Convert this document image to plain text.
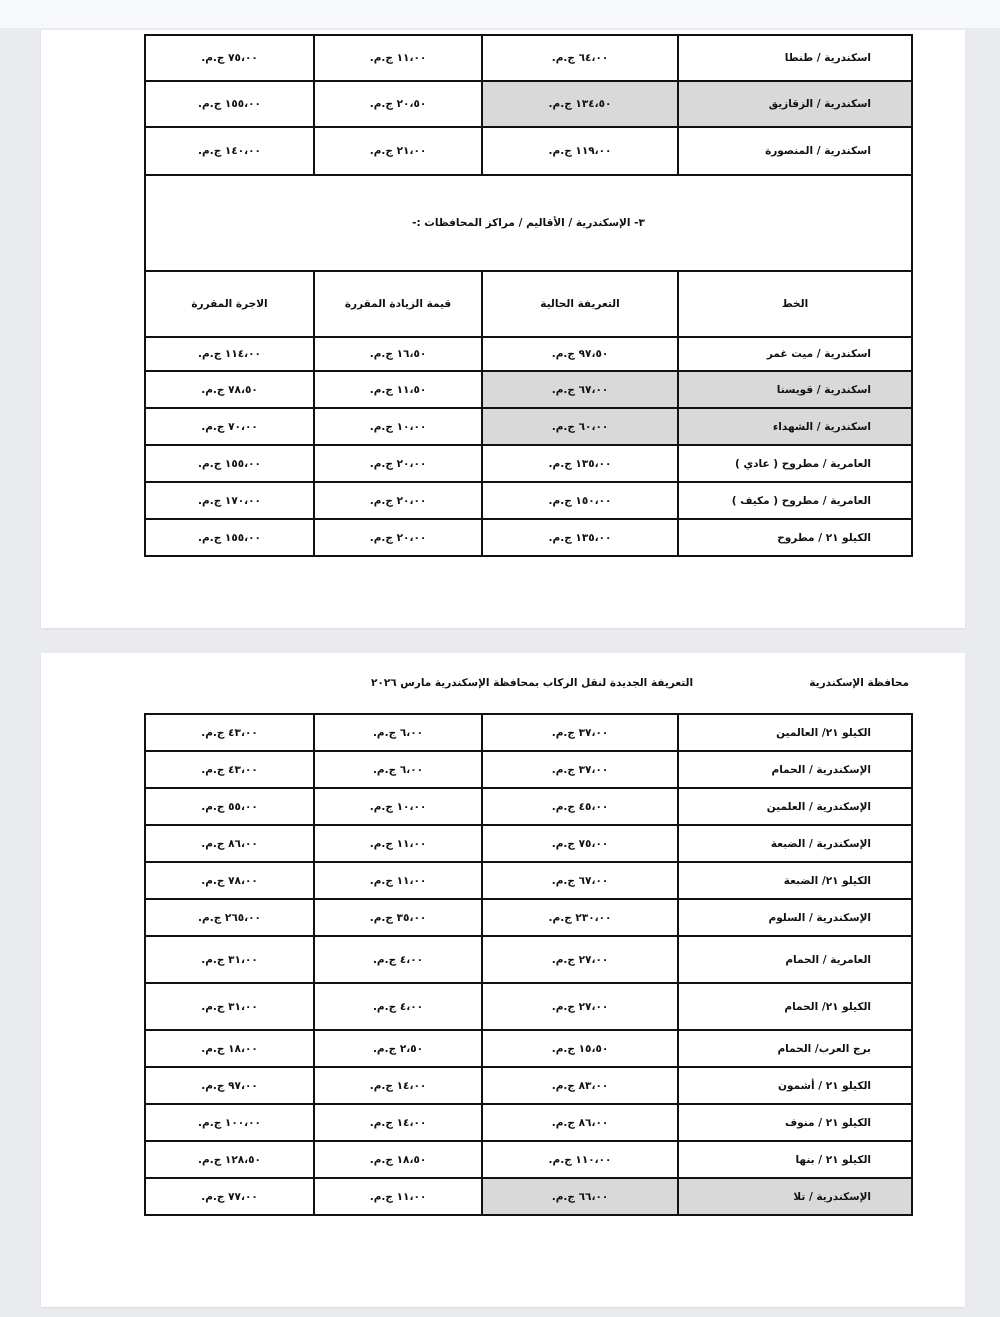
اسكندرية / طنطا	٦٤،٠٠ ج.م.	١١،٠٠ ج.م.	٧٥،٠٠ ج.م.
اسكندرية / الزقازيق	١٣٤،٥٠ ج.م.	٢٠،٥٠ ج.م.	١٥٥،٠٠ ج.م.
اسكندرية / المنصورة	١١٩،٠٠ ج.م.	٢١،٠٠ ج.م.	١٤٠،٠٠ ج.م.
٣- الإسكندرية / الأقاليم / مراكز المحافظات :-			
الخط	التعريفة الحالية	قيمة الزيادة المقررة	الاجرة المقررة
اسكندرية / ميت غمر	٩٧،٥٠ ج.م.	١٦،٥٠ ج.م.	١١٤،٠٠ ج.م.
اسكندرية / قويسنا	٦٧،٠٠ ج.م.	١١،٥٠ ج.م.	٧٨،٥٠ ج.م.
اسكندرية / الشهداء	٦٠،٠٠ ج.م.	١٠،٠٠ ج.م.	٧٠،٠٠ ج.م.
العامرية / مطروح ( عادي )	١٣٥،٠٠ ج.م.	٢٠،٠٠ ج.م.	١٥٥،٠٠ ج.م.
العامرية / مطروح ( مكيف )	١٥٠،٠٠ ج.م.	٢٠،٠٠ ج.م.	١٧٠،٠٠ ج.م.
الكيلو ٢١ / مطروح	١٣٥،٠٠ ج.م.	٢٠،٠٠ ج.م.	١٥٥،٠٠ ج.م.
محافظة الإسكندرية
التعريفة الجديدة لنقل الركاب بمحافظة الإسكندرية مارس ٢٠٢٦
الكيلو ٢١/ العالمين	٣٧،٠٠ ج.م.	٦،٠٠ ج.م.	٤٣،٠٠ ج.م.
الإسكندرية / الحمام	٣٧،٠٠ ج.م.	٦،٠٠ ج.م.	٤٣،٠٠ ج.م.
الإسكندرية / العلمين	٤٥،٠٠ ج.م.	١٠،٠٠ ج.م.	٥٥،٠٠ ج.م.
الإسكندرية / الضبعة	٧٥،٠٠ ج.م.	١١،٠٠ ج.م.	٨٦،٠٠ ج.م.
الكيلو ٢١/ الضبعة	٦٧،٠٠ ج.م.	١١،٠٠ ج.م.	٧٨،٠٠ ج.م.
الإسكندرية / السلوم	٢٣٠،٠٠ ج.م.	٣٥،٠٠ ج.م.	٢٦٥،٠٠ ج.م.
العامرية / الحمام	٢٧،٠٠ ج.م.	٤،٠٠ ج.م.	٣١،٠٠ ج.م.
الكيلو ٢١/ الحمام	٢٧،٠٠ ج.م.	٤،٠٠ ج.م.	٣١،٠٠ ج.م.
برج العرب/ الحمام	١٥،٥٠ ج.م.	٢،٥٠ ج.م.	١٨،٠٠ ج.م.
الكيلو ٢١ / أشمون	٨٣،٠٠ ج.م.	١٤،٠٠ ج.م.	٩٧،٠٠ ج.م.
الكيلو ٢١ / منوف	٨٦،٠٠ ج.م.	١٤،٠٠ ج.م.	١٠٠،٠٠ ج.م.
الكيلو ٢١ / بنها	١١٠،٠٠ ج.م.	١٨،٥٠ ج.م.	١٢٨،٥٠ ج.م.
الإسكندرية / تلا	٦٦،٠٠ ج.م.	١١،٠٠ ج.م.	٧٧،٠٠ ج.م.
